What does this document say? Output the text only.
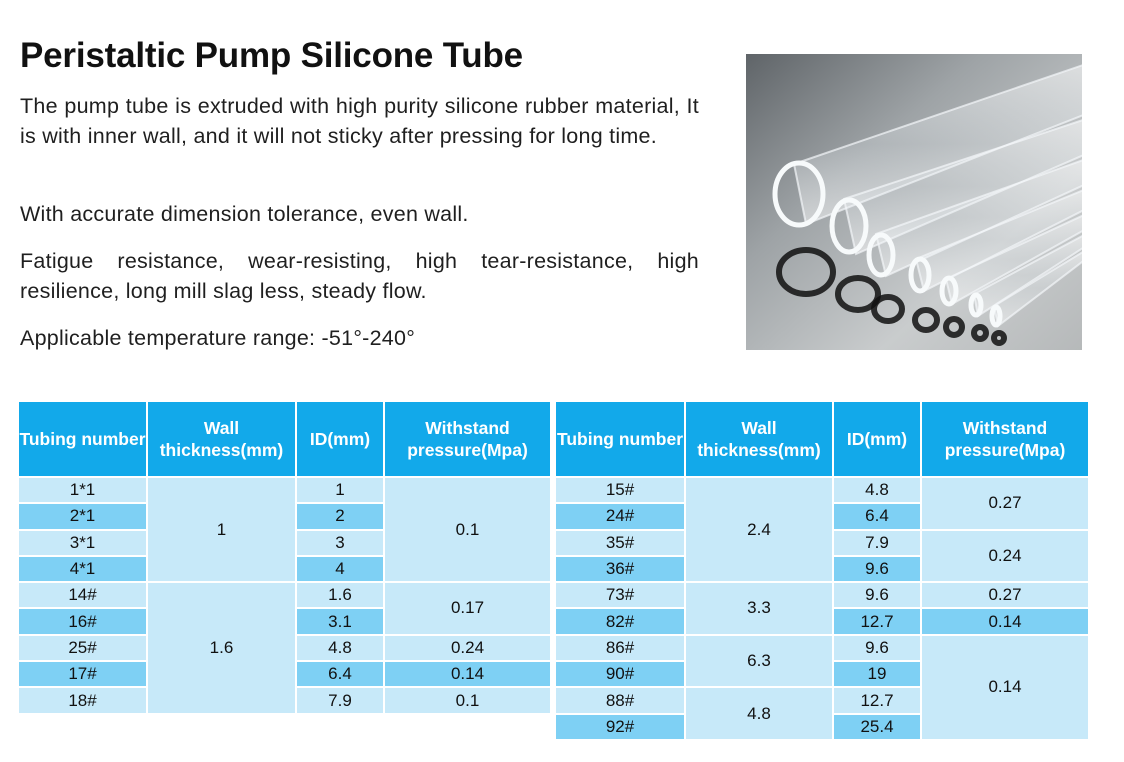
Peristaltic Pump Silicone Tube
The pump tube is extruded with high purity silicone rubber material, It is with inner wall, and it will not sticky after pressing for long time.
With accurate dimension tolerance, even wall.
Fatigue resistance, wear-resisting, high tear-resistance, high resilience, long mill slag less, steady flow.
Applicable temperature range: -51°-240°
Tubing number	Wall thickness(mm)	ID(mm)	Withstand pressure(Mpa)
1*1	1	1	0.1
2*1		2	
3*1		3	
4*1		4	
14#	1.6	1.6	0.17
16#		3.1	
25#		4.8	0.24
17#		6.4	0.14
18#		7.9	0.1
Tubing number	Wall thickness(mm)	ID(mm)	Withstand pressure(Mpa)
15#	2.4	4.8	0.27
24#		6.4	
35#		7.9	0.24
36#		9.6	
73#	3.3	9.6	0.27
82#		12.7	0.14
86#	6.3	9.6	0.14
90#		19	
88#	4.8	12.7	
92#		25.4	
